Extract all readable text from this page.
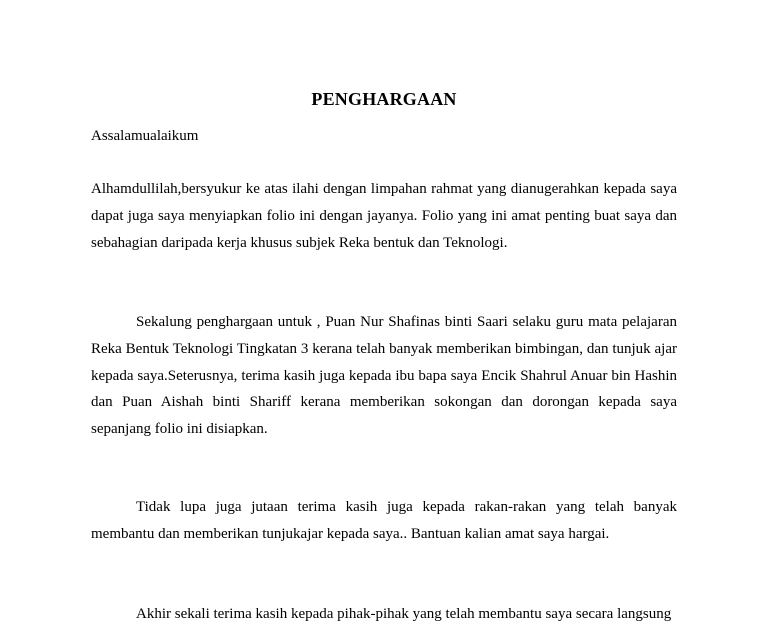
PENGHARGAAN
Assalamualaikum

Alhamdullilah,bersyukur ke atas ilahi dengan limpahan rahmat yang dianugerahkan kepada saya dapat juga saya menyiapkan folio ini dengan jayanya. Folio yang ini amat penting buat saya dan sebahagian daripada kerja khusus subjek Reka bentuk dan Teknologi.

Sekalung penghargaan untuk , Puan Nur Shafinas binti Saari selaku guru mata pelajaran Reka Bentuk Teknologi Tingkatan 3 kerana telah banyak memberikan bimbingan, dan tunjuk ajar kepada saya.Seterusnya, terima kasih juga kepada ibu bapa saya Encik Shahrul Anuar bin Hashin dan Puan Aishah binti Shariff kerana memberikan sokongan dan dorongan kepada saya sepanjang folio ini disiapkan.

Tidak lupa juga jutaan terima kasih juga kepada rakan-rakan yang telah banyak membantu dan memberikan tunjukajar kepada saya.. Bantuan kalian amat saya hargai.

Akhir sekali terima kasih kepada pihak-pihak yang telah membantu saya secara langsung
